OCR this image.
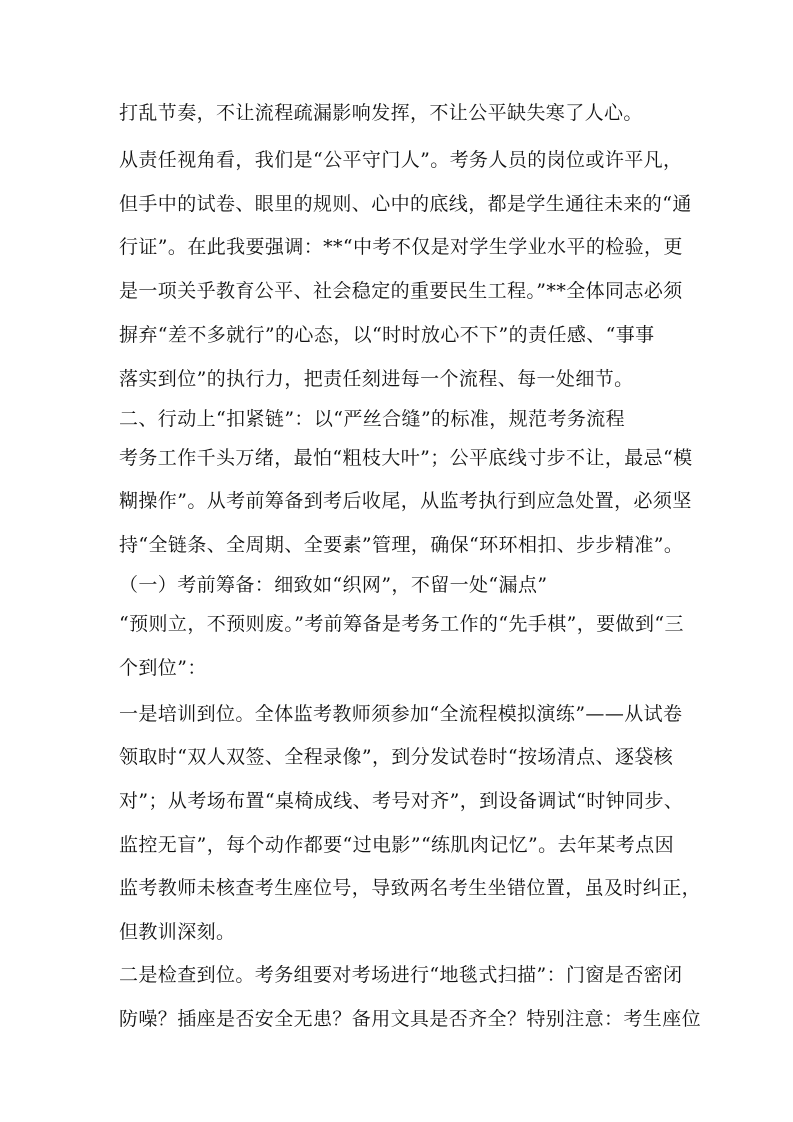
打乱节奏，不让流程疏漏影响发挥，不让公平缺失寒了人心。
从责任视角看，我们是“公平守门人”。考务人员的岗位或许平凡，
但手中的试卷、眼里的规则、心中的底线，都是学生通往未来的“通
行证”。在此我要强调：**“中考不仅是对学生学业水平的检验，更
是一项关乎教育公平、社会稳定的重要民生工程。”**全体同志必须
摒弃“差不多就行”的心态，以“时时放心不下”的责任感、“事事
落实到位”的执行力，把责任刻进每一个流程、每一处细节。
二、行动上“扣紧链”：以“严丝合缝”的标准，规范考务流程
考务工作千头万绪，最怕“粗枝大叶”；公平底线寸步不让，最忌“模
糊操作”。从考前筹备到考后收尾，从监考执行到应急处置，必须坚
持“全链条、全周期、全要素”管理，确保“环环相扣、步步精准”。
（一）考前筹备：细致如“织网”，不留一处“漏点”
“预则立，不预则废。”考前筹备是考务工作的“先手棋”，要做到“三
个到位”：
一是培训到位。全体监考教师须参加“全流程模拟演练”——从试卷
领取时“双人双签、全程录像”，到分发试卷时“按场清点、逐袋核
对”；从考场布置“桌椅成线、考号对齐”，到设备调试“时钟同步、
监控无盲”，每个动作都要“过电影”“练肌肉记忆”。去年某考点因
监考教师未核查考生座位号，导致两名考生坐错位置，虽及时纠正，
但教训深刻。
二是检查到位。考务组要对考场进行“地毯式扫描”：门窗是否密闭
防噪？插座是否安全无患？备用文具是否齐全？特别注意：考生座位
